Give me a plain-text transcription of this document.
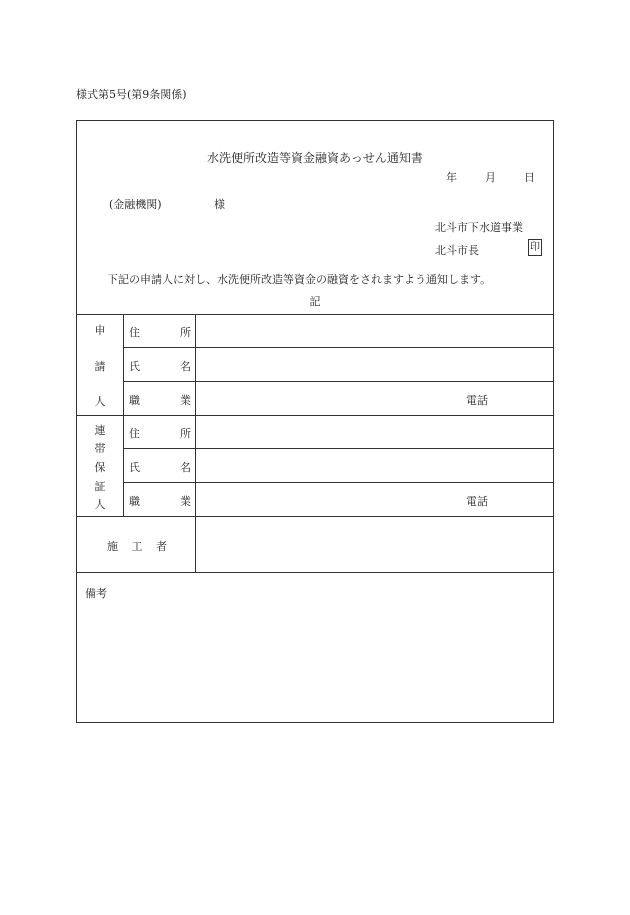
様式第5号(第9条関係)
水洗便所改造等資金融資あっせん通知書
年	月	日
(金融機関)	様
北斗市下水道事業
北斗市長	印
下記の申請人に対し、水洗便所改造等資金の融資をされますよう通知します。
記
申
請
人
住	所
氏	名
職	業	電話
連
帯
保
証
人
住	所
氏	名
職	業	電話
施 工 者
備考
